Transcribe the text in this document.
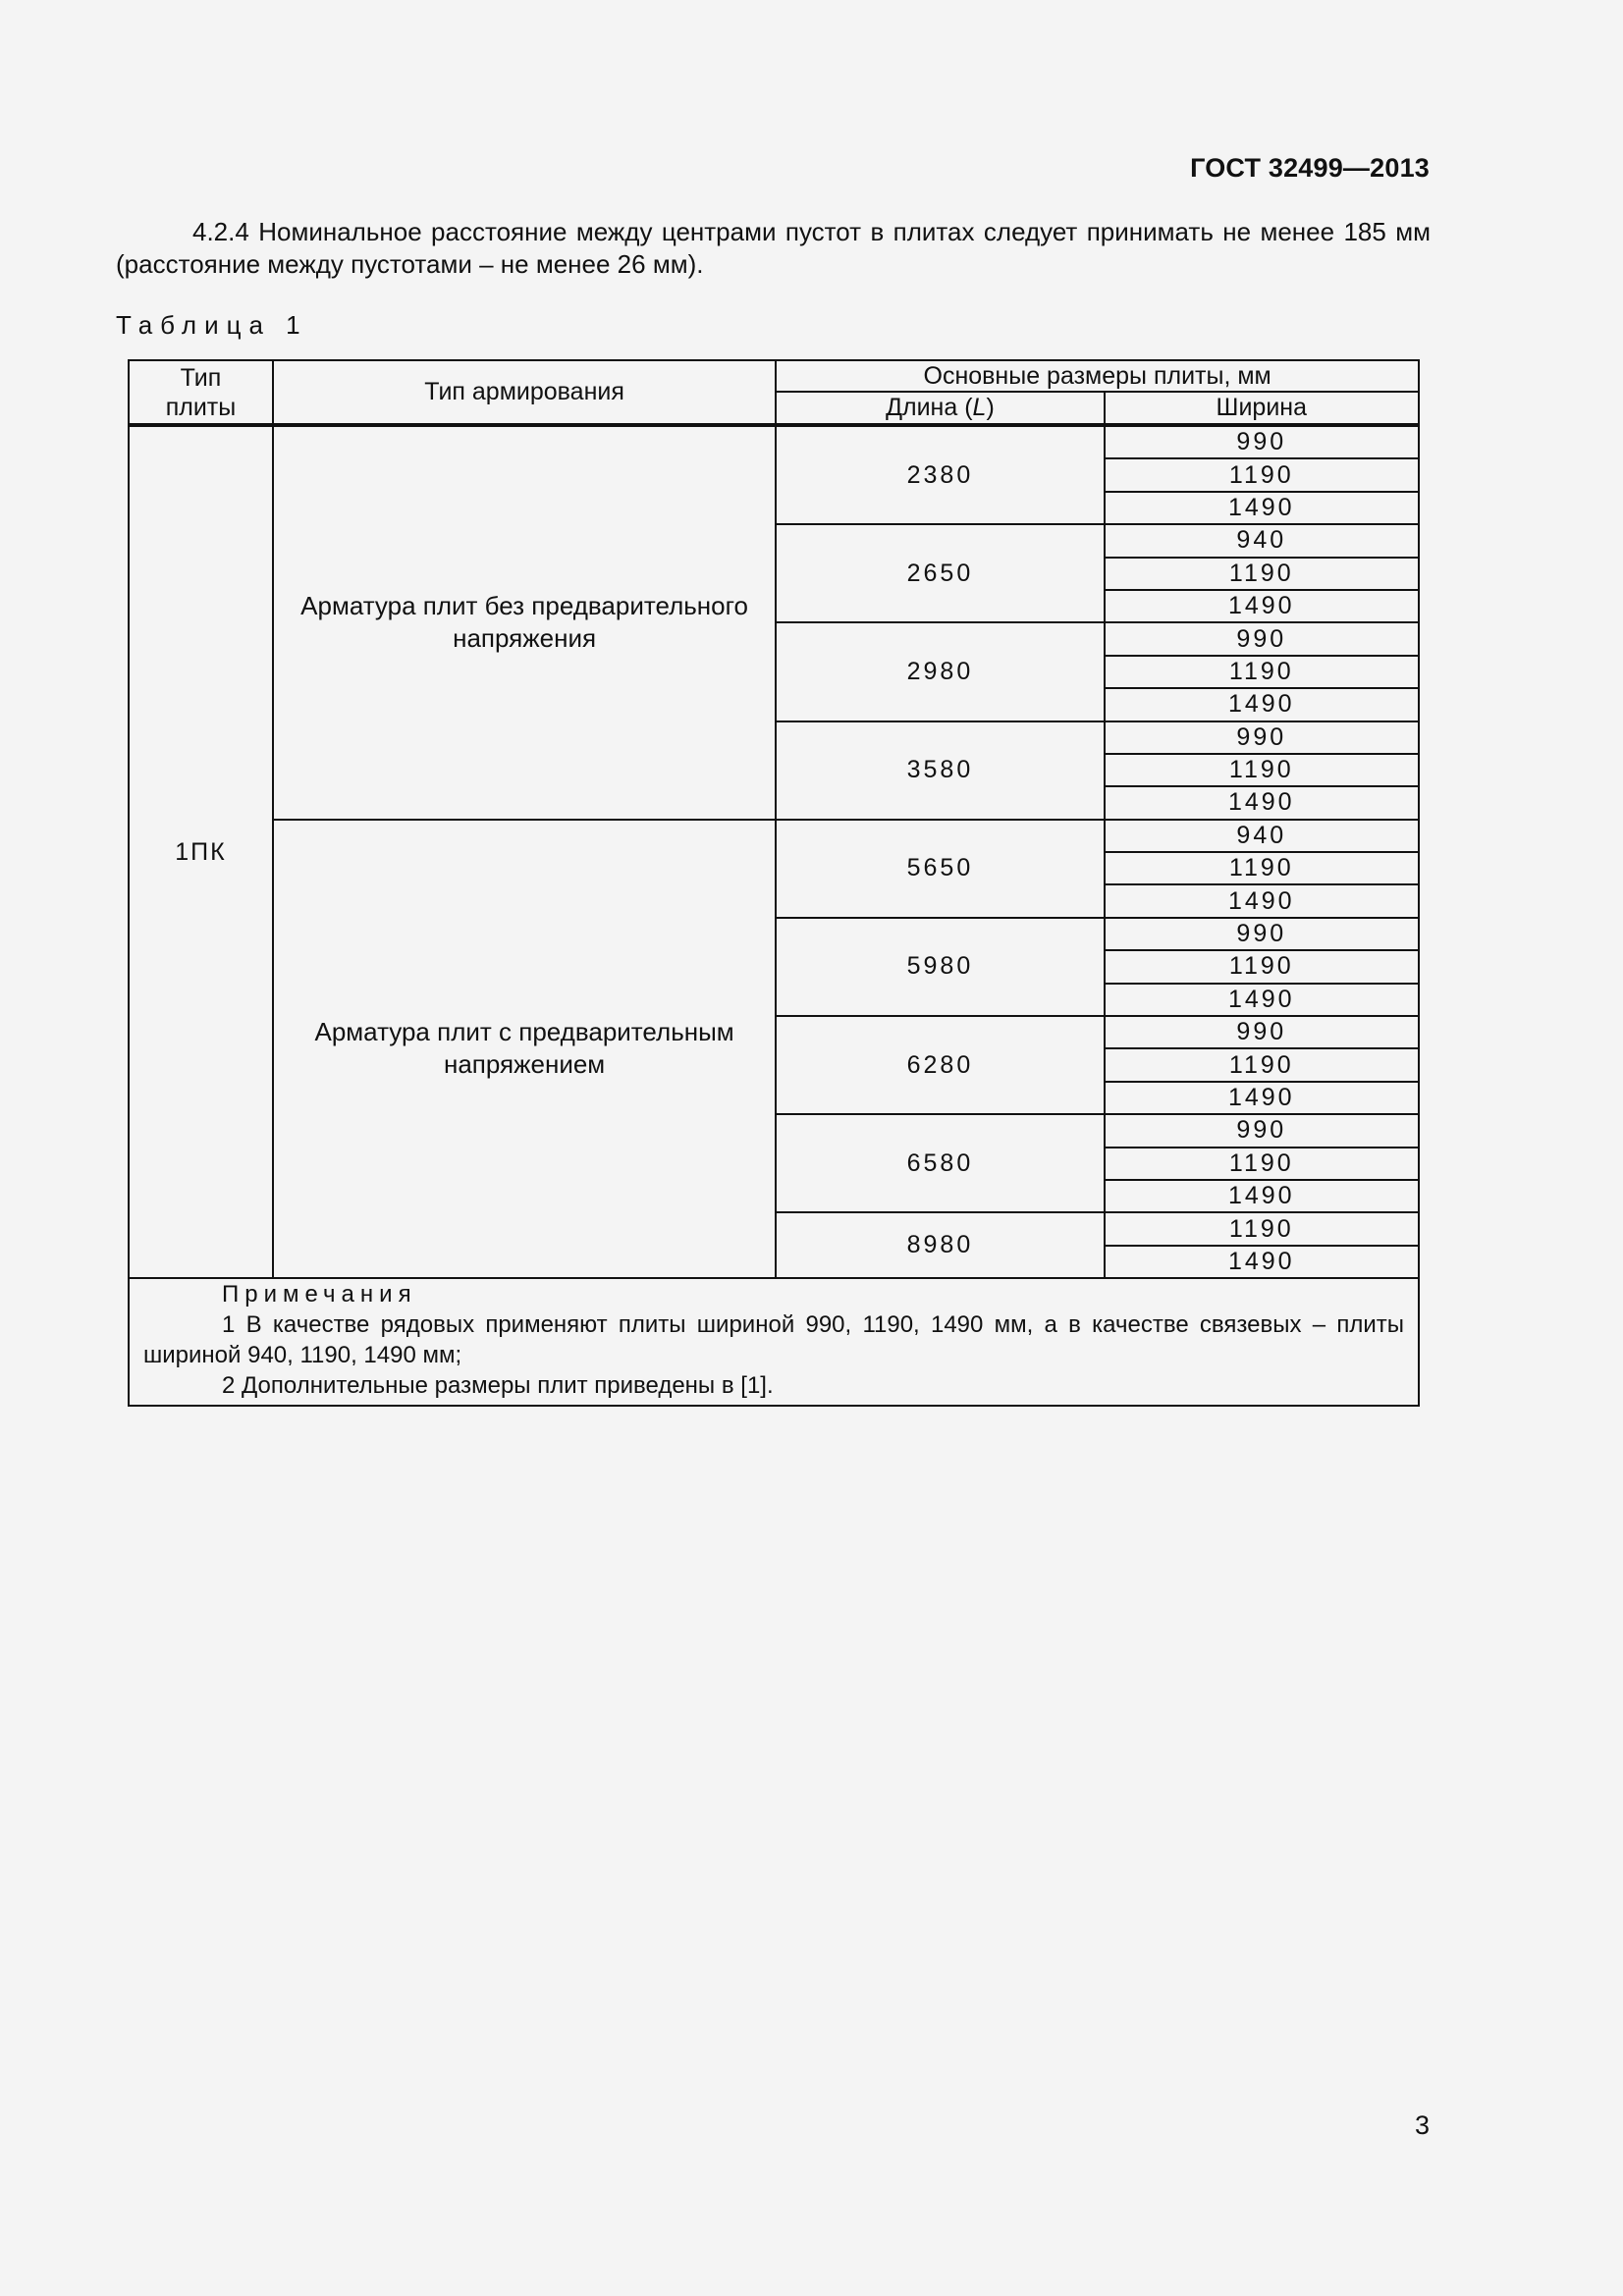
ГОСТ 32499—2013
4.2.4 Номинальное расстояние между центрами пустот в плитах следует принимать не менее 185 мм (расстояние между пустотами – не менее 26 мм).
Таблица 1
Тип плиты	Тип армирования	Основные размеры плиты, мм	
		Длина (L)	Ширина
1ПК	Арматура плит без предварительного напряжения	2380	990
			1190
			1490
		2650	940
			1190
			1490
		2980	990
			1190
			1490
		3580	990
			1190
			1490
	Арматура плит с предварительным напряжением	5650	940
			1190
			1490
		5980	990
			1190
			1490
		6280	990
			1190
			1490
		6580	990
			1190
			1490
		8980	1190
			1490

Примечания
1 В качестве рядовых применяют плиты шириной 990, 1190, 1490 мм, а в качестве связевых – плиты шириной 940, 1190, 1490 мм;
2 Дополнительные размеры плит приведены в [1].			
3
